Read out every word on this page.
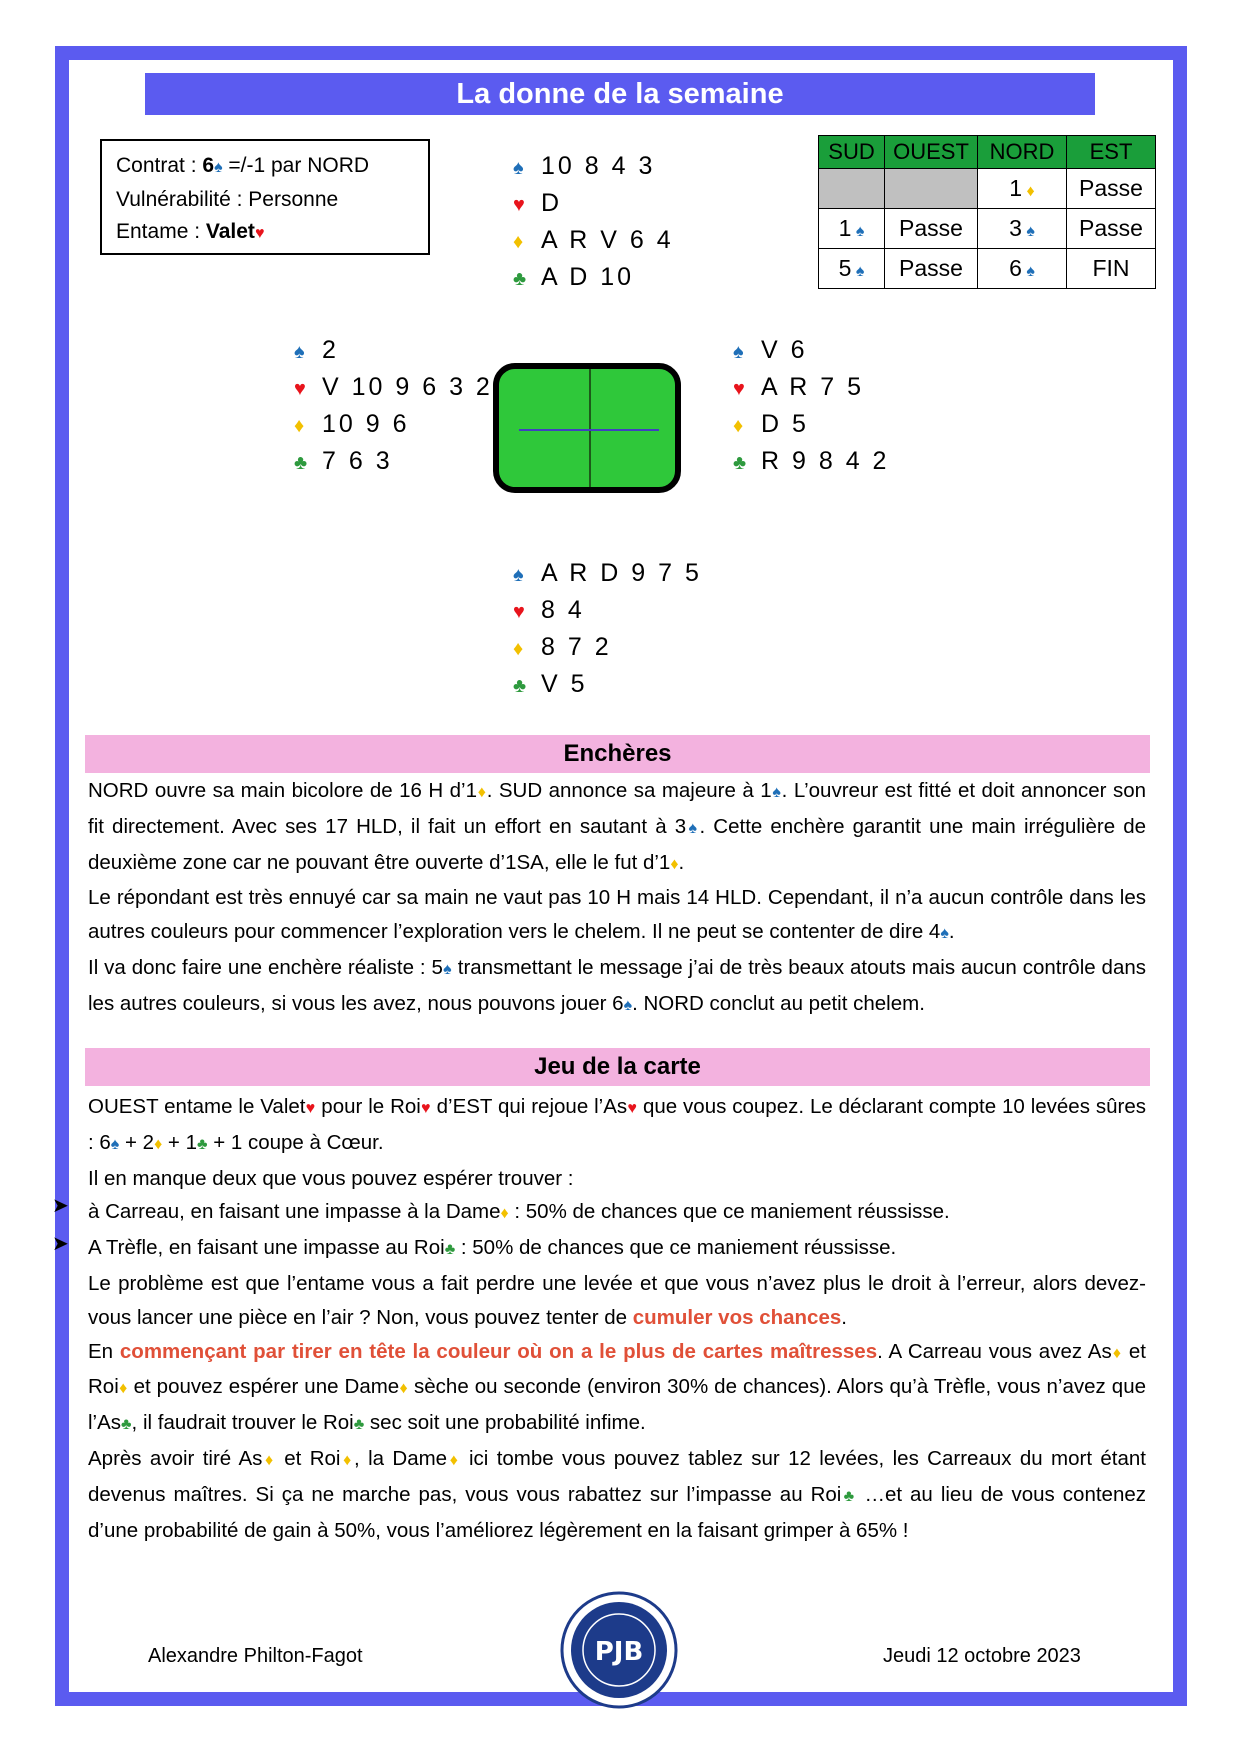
La donne de la semaine
Contrat : 6♠ =/-1 par NORD
Vulnérabilité : Personne
Entame : Valet♥
♠ 10 8 4 3
♥ D
♦ A R V 6 4
♣ A D 10
♠ 2
♥ V 10 9 6 3 2
♦ 10 9 6
♣ 7 6 3
♠ V 6
♥ A R 7 5
♦ D 5
♣ R 9 8 4 2
♠ A R D 9 7 5
♥ 8 4
♦ 8 7 2
♣ V 5
SUD	OUEST	NORD	EST
		1 ♦	Passe
1 ♠	Passe	3 ♠	Passe
5 ♠	Passe	6 ♠	FIN
Enchères

NORD ouvre sa main bicolore de 16 H d’1♦. SUD annonce sa majeure à 1♠. L’ouvreur est fitté et doit annoncer son fit directement. Avec ses 17 HLD, il fait un effort en sautant à 3♠. Cette enchère garantit une main irrégulière de deuxième zone car ne pouvant être ouverte d’1SA, elle le fut d’1♦.

Le répondant est très ennuyé car sa main ne vaut pas 10 H mais 14 HLD. Cependant, il n’a aucun contrôle dans les autres couleurs pour commencer l’exploration vers le chelem. Il ne peut se contenter de dire 4♠.

Il va donc faire une enchère réaliste : 5♠ transmettant le message j’ai de très beaux atouts mais aucun contrôle dans les autres couleurs, si vous les avez, nous pouvons jouer 6♠. NORD conclut au petit chelem.

Jeu de la carte

OUEST entame le Valet♥ pour le Roi♥ d’EST qui rejoue l’As♥ que vous coupez. Le déclarant compte 10 levées sûres : 6♠ + 2♦ + 1♣ + 1 coupe à Cœur.

Il en manque deux que vous pouvez espérer trouver :

à Carreau, en faisant une impasse à la Dame♦ : 50% de chances que ce maniement réussisse.

A Trèfle, en faisant une impasse au Roi♣ : 50% de chances que ce maniement réussisse.

Le problème est que l’entame vous a fait perdre une levée et que vous n’avez plus le droit à l’erreur, alors devez-vous lancer une pièce en l’air ? Non, vous pouvez tenter de cumuler vos chances.

En commençant par tirer en tête la couleur où on a le plus de cartes maîtresses. A Carreau vous avez As♦ et Roi♦ et pouvez espérer une Dame♦ sèche ou seconde (environ 30% de chances). Alors qu’à Trèfle, vous n’avez que l’As♣, il faudrait trouver le Roi♣ sec soit une probabilité infime.

Après avoir tiré As♦ et Roi♦, la Dame♦ ici tombe vous pouvez tablez sur 12 levées, les Carreaux du mort étant devenus maîtres. Si ça ne marche pas, vous vous rabattez sur l’impasse au Roi♣ …et au lieu de vous contenez d’une probabilité de gain à 50%, vous l’améliorez légèrement en la faisant grimper à 65% !

➤
➤
Alexandre Philton-Fagot	Jeudi 12 octobre 2023
PJB
